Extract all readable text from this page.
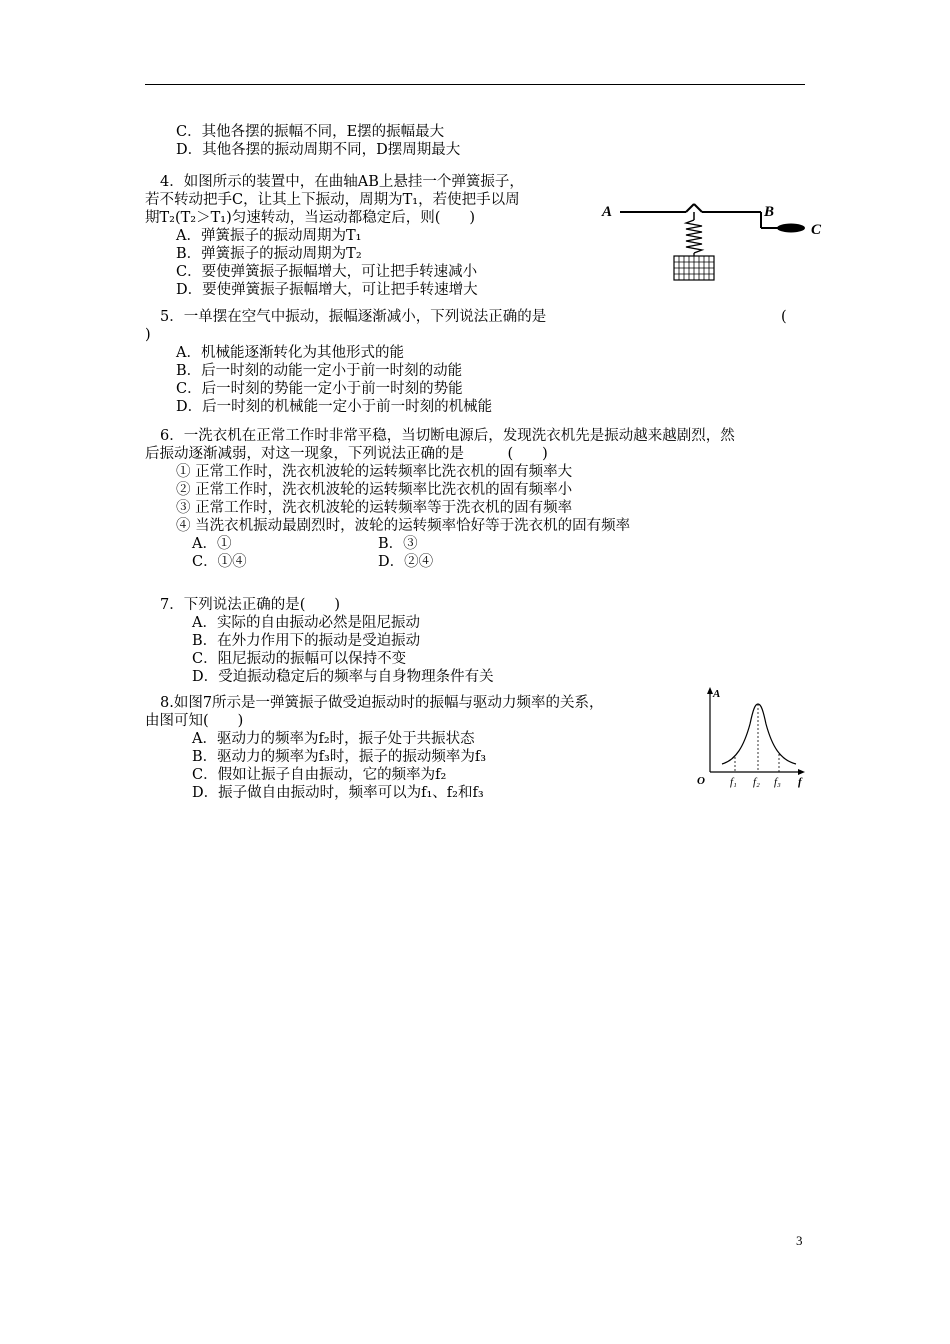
C．其他各摆的振幅不同，E摆的振幅最大
D．其他各摆的振动周期不同，D摆周期最大
4．如图所示的装置中，在曲轴AB上悬挂一个弹簧振子，
若不转动把手C，让其上下振动，周期为T₁，若使把手以周
期T₂(T₂＞T₁)匀速转动，当运动都稳定后，则(　　)
A．弹簧振子的振动周期为T₁
B．弹簧振子的振动周期为T₂
C．要使弹簧振子振幅增大，可让把手转速减小
D．要使弹簧振子振幅增大，可让把手转速增大
A	B
C
5．一单摆在空气中振动，振幅逐渐减小，下列说法正确的是	(
)
A．机械能逐渐转化为其他形式的能
B．后一时刻的动能一定小于前一时刻的动能
C．后一时刻的势能一定小于前一时刻的势能
D．后一时刻的机械能一定小于前一时刻的机械能
6．一洗衣机在正常工作时非常平稳，当切断电源后，发现洗衣机先是振动越来越剧烈，然
后振动逐渐减弱，对这一现象，下列说法正确的是　　　(　　)
① 正常工作时，洗衣机波轮的运转频率比洗衣机的固有频率大
② 正常工作时，洗衣机波轮的运转频率比洗衣机的固有频率小
③ 正常工作时，洗衣机波轮的运转频率等于洗衣机的固有频率
④ 当洗衣机振动最剧烈时，波轮的运转频率恰好等于洗衣机的固有频率
A．①	B．③
C．①④	D．②④
7．下列说法正确的是(　　)
A．实际的自由振动必然是阻尼振动
B．在外力作用下的振动是受迫振动
C．阻尼振动的振幅可以保持不变
D．受迫振动稳定后的频率与自身物理条件有关
8.如图7所示是一弹簧振子做受迫振动时的振幅与驱动力频率的关系，
由图可知(　　)
A．驱动力的频率为f₂时，振子处于共振状态
B．驱动力的频率为f₃时，振子的振动频率为f₃
C．假如让振子自由振动，它的频率为f₂
D．振子做自由振动时，频率可以为f₁、f₂和f₃
A
f
O f₁ f₂ f₃
3
